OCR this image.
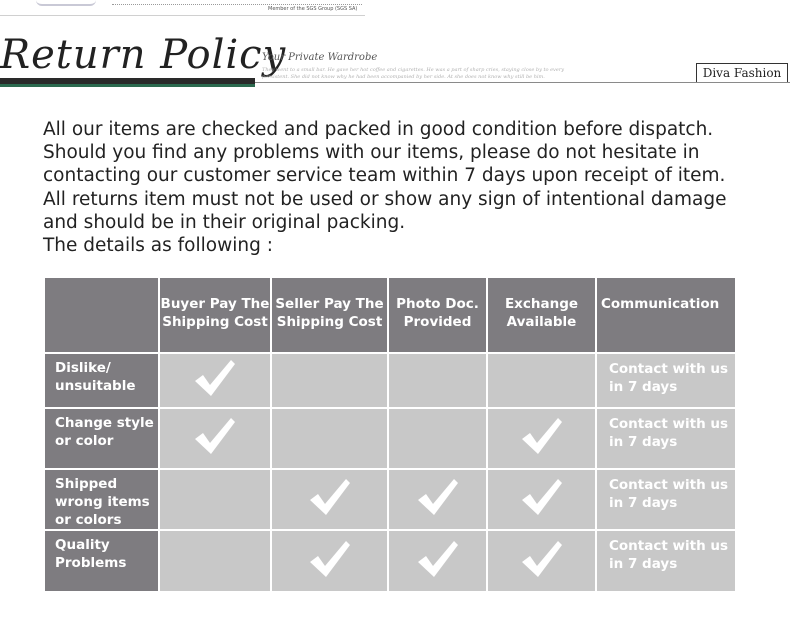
Member of the SGS Group (SGS SA)
Return Policy
Your Private Wardrobe
They went to a small bar. He gave her hot coffee and cigarettes. He was a part of sharp cries, staying close by to every
persistent. She did not know why he had been accompanied by her side. At she does not know why still be him.	Diva Fashion

All our items are checked and packed in good condition before dispatch.

Should you find any problems with our items, please do not hesitate in

contacting our customer service team within 7 days upon receipt of item.

All returns item must not be used or show any sign of intentional damage

and should be in their original packing.

The details as following :

	Buyer Pay The Shipping Cost	Seller Pay The Shipping Cost	Photo Doc. Provided	Exchange Available	Communication
Dislike/ unsuitable					Contact with us in 7 days
Change style or color					Contact with us in 7 days
Shipped wrong items or colors					Contact with us in 7 days
Quality Problems					Contact with us in 7 days
